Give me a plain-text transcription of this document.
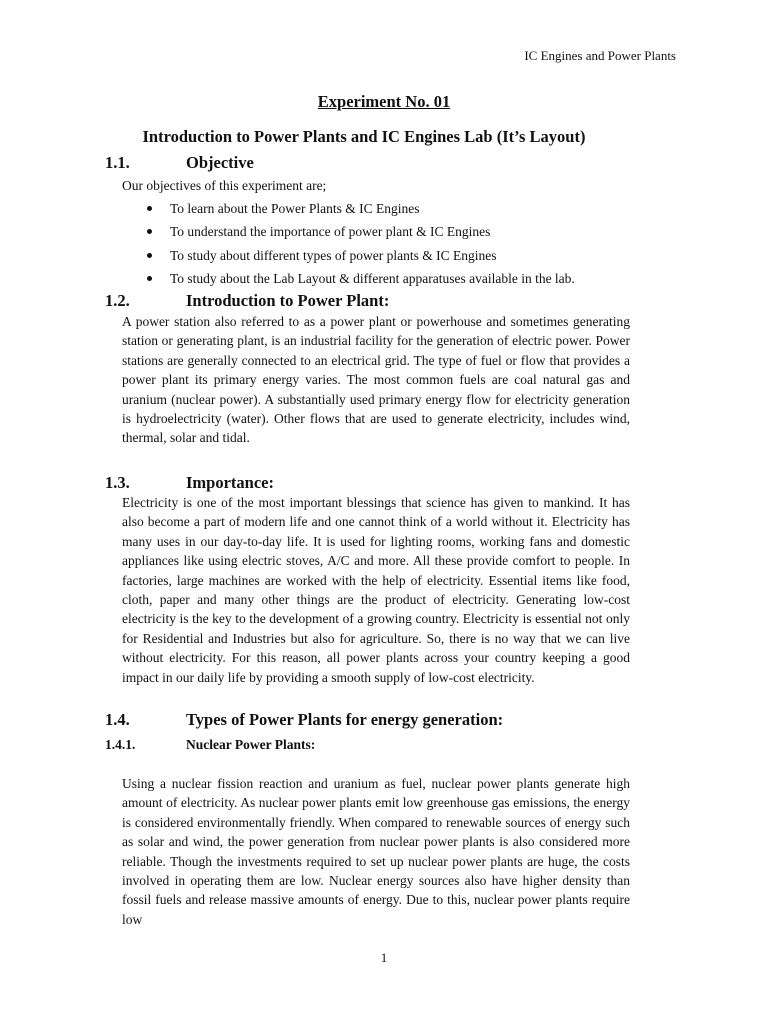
IC Engines and Power Plants
Experiment No. 01
Introduction to Power Plants and IC Engines Lab (It’s Layout)
1.1.	Objective

Our objectives of this experiment are;

To learn about the Power Plants & IC Engines
To understand the importance of power plant & IC Engines
To study about different types of power plants & IC Engines
To study about the Lab Layout & different apparatuses available in the lab.
1.2.	Introduction to Power Plant:

A power station also referred to as a power plant or powerhouse and sometimes generating station or generating plant, is an industrial facility for the generation of electric power. Power stations are generally connected to an electrical grid. The type of fuel or flow that provides a power plant its primary energy varies. The most common fuels are coal natural gas and uranium (nuclear power). A substantially used primary energy flow for electricity generation is hydroelectricity (water). Other flows that are used to generate electricity, includes wind, thermal, solar and tidal.

1.3.	Importance:

Electricity is one of the most important blessings that science has given to mankind. It has also become a part of modern life and one cannot think of a world without it. Electricity has many uses in our day-to-day life. It is used for lighting rooms, working fans and domestic appliances like using electric stoves, A/C and more. All these provide comfort to people. In factories, large machines are worked with the help of electricity. Essential items like food, cloth, paper and many other things are the product of electricity. Generating low-cost electricity is the key to the development of a growing country. Electricity is essential not only for Residential and Industries but also for agriculture. So, there is no way that we can live without electricity. For this reason, all power plants across your country keeping a good impact in our daily life by providing a smooth supply of low-cost electricity.

1.4.	Types of Power Plants for energy generation:
1.4.1.	Nuclear Power Plants:

Using a nuclear fission reaction and uranium as fuel, nuclear power plants generate high amount of electricity. As nuclear power plants emit low greenhouse gas emissions, the energy is considered environmentally friendly. When compared to renewable sources of energy such as solar and wind, the power generation from nuclear power plants is also considered more reliable. Though the investments required to set up nuclear power plants are huge, the costs involved in operating them are low. Nuclear energy sources also have higher density than fossil fuels and release massive amounts of energy. Due to this, nuclear power plants require low

1
